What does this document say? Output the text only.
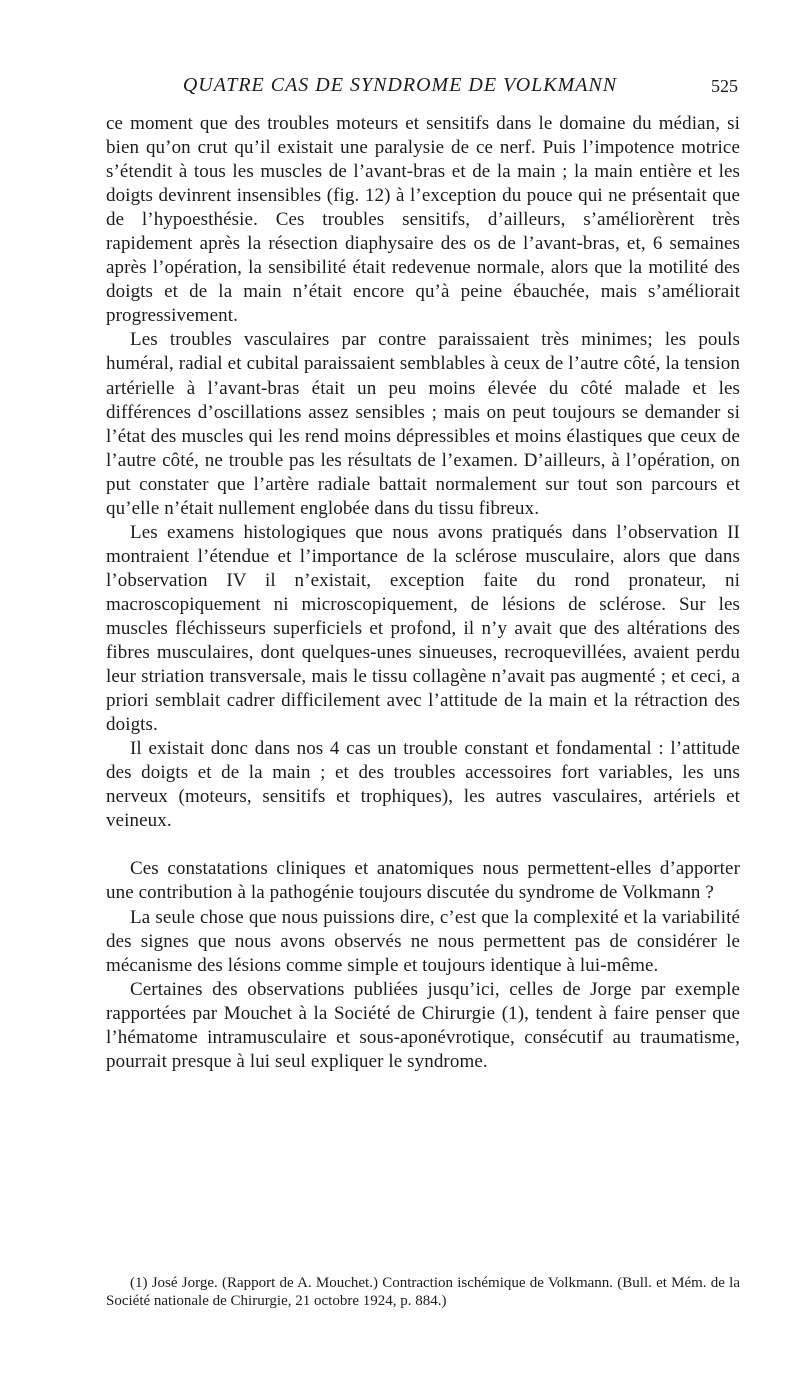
QUATRE CAS DE SYNDROME DE VOLKMANN	525

ce moment que des troubles moteurs et sensitifs dans le domaine du médian, si bien qu’on crut qu’il existait une paralysie de ce nerf. Puis l’impotence motrice s’étendit à tous les muscles de l’avant-bras et de la main ; la main entière et les doigts devinrent insensibles (fig. 12) à l’exception du pouce qui ne présentait que de l’hypoesthésie. Ces troubles sensitifs, d’ailleurs, s’améliorèrent très rapidement après la résection diaphysaire des os de l’avant-bras, et, 6 semaines après l’opération, la sensibilité était redevenue normale, alors que la motilité des doigts et de la main n’était encore qu’à peine ébauchée, mais s’améliorait progressivement.

Les troubles vasculaires par contre paraissaient très minimes; les pouls huméral, radial et cubital paraissaient semblables à ceux de l’autre côté, la tension artérielle à l’avant-bras était un peu moins élevée du côté malade et les différences d’oscillations assez sensibles ; mais on peut toujours se demander si l’état des muscles qui les rend moins dépressibles et moins élastiques que ceux de l’autre côté, ne trouble pas les résultats de l’examen. D’ailleurs, à l’opération, on put constater que l’artère radiale battait normalement sur tout son parcours et qu’elle n’était nullement englobée dans du tissu fibreux.

Les examens histologiques que nous avons pratiqués dans l’observation II montraient l’étendue et l’importance de la sclérose musculaire, alors que dans l’observation IV il n’existait, exception faite du rond pronateur, ni macroscopiquement ni microscopiquement, de lésions de sclérose. Sur les muscles fléchisseurs superficiels et profond, il n’y avait que des altérations des fibres musculaires, dont quelques-unes sinueuses, recroquevillées, avaient perdu leur striation transversale, mais le tissu collagène n’avait pas augmenté ; et ceci, a priori semblait cadrer difficilement avec l’attitude de la main et la rétraction des doigts.

Il existait donc dans nos 4 cas un trouble constant et fondamental : l’attitude des doigts et de la main ; et des troubles accessoires fort variables, les uns nerveux (moteurs, sensitifs et trophiques), les autres vasculaires, artériels et veineux.

Ces constatations cliniques et anatomiques nous permettent-elles d’apporter une contribution à la pathogénie toujours discutée du syndrome de Volkmann ?

La seule chose que nous puissions dire, c’est que la complexité et la variabilité des signes que nous avons observés ne nous permettent pas de considérer le mécanisme des lésions comme simple et toujours identique à lui-même.

Certaines des observations publiées jusqu’ici, celles de Jorge par exemple rapportées par Mouchet à la Société de Chirurgie (1), tendent à faire penser que l’hématome intramusculaire et sous-aponévrotique, consécutif au traumatisme, pourrait presque à lui seul expliquer le syndrome.

(1) José Jorge. (Rapport de A. Mouchet.) Contraction ischémique de Volkmann. (Bull. et Mém. de la Société nationale de Chirurgie, 21 octobre 1924, p. 884.)
